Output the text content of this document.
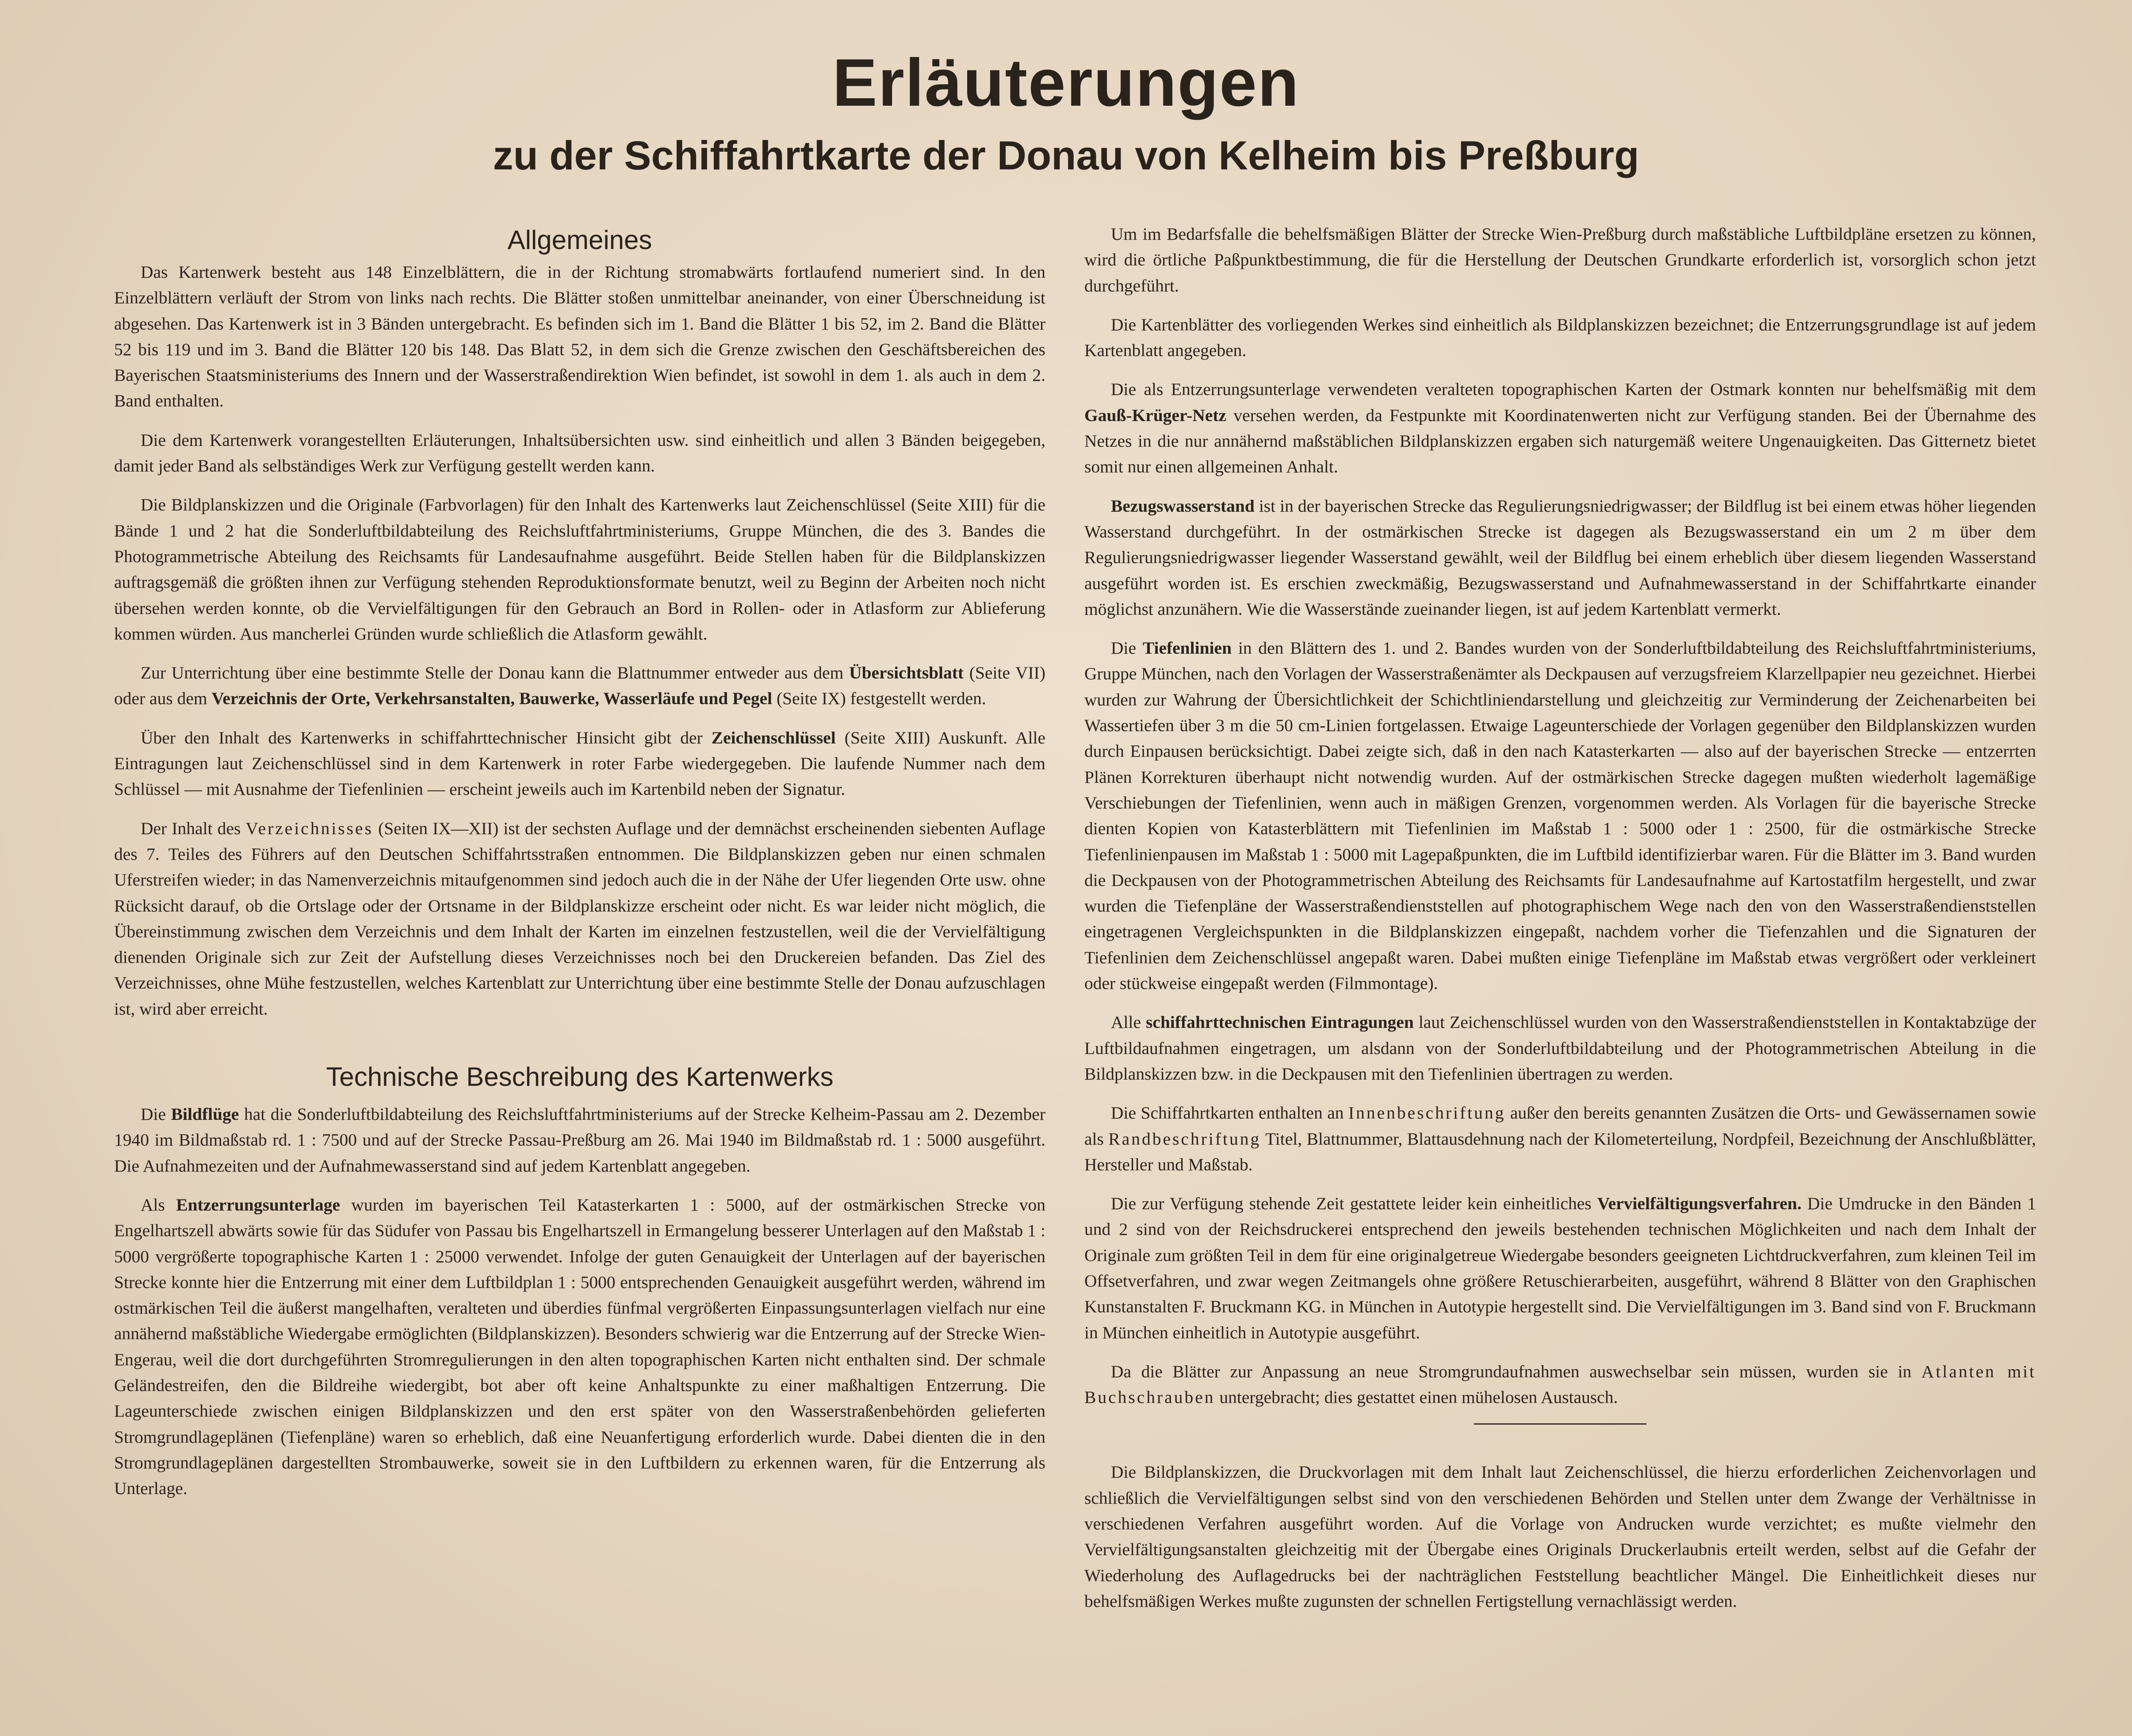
Erläuterungen
zu der Schiffahrtkarte der Donau von Kelheim bis Preßburg
Allgemeines

Das Kartenwerk besteht aus 148 Einzelblättern, die in der Richtung stromabwärts fortlaufend numeriert sind. In den Einzelblättern verläuft der Strom von links nach rechts. Die Blätter stoßen unmittelbar aneinander, von einer Überschneidung ist abgesehen. Das Kartenwerk ist in 3 Bänden untergebracht. Es befinden sich im 1. Band die Blätter 1 bis 52, im 2. Band die Blätter 52 bis 119 und im 3. Band die Blätter 120 bis 148. Das Blatt 52, in dem sich die Grenze zwischen den Geschäftsbereichen des Bayerischen Staatsministeriums des Innern und der Wasserstraßendirektion Wien befindet, ist sowohl in dem 1. als auch in dem 2. Band enthalten.

Die dem Kartenwerk vorangestellten Erläuterungen, Inhaltsübersichten usw. sind einheitlich und allen 3 Bänden beigegeben, damit jeder Band als selbständiges Werk zur Verfügung gestellt werden kann.

Die Bildplanskizzen und die Originale (Farbvorlagen) für den Inhalt des Kartenwerks laut Zeichenschlüssel (Seite XIII) für die Bände 1 und 2 hat die Sonderluftbildabteilung des Reichsluftfahrtministeriums, Gruppe München, die des 3. Bandes die Photogrammetrische Abteilung des Reichsamts für Landesaufnahme ausgeführt. Beide Stellen haben für die Bildplanskizzen auftragsgemäß die größten ihnen zur Verfügung stehenden Reproduktionsformate benutzt, weil zu Beginn der Arbeiten noch nicht übersehen werden konnte, ob die Vervielfältigungen für den Gebrauch an Bord in Rollen- oder in Atlasform zur Ablieferung kommen würden. Aus mancherlei Gründen wurde schließlich die Atlasform gewählt.

Zur Unterrichtung über eine bestimmte Stelle der Donau kann die Blattnummer entweder aus dem Übersichtsblatt (Seite VII) oder aus dem Verzeichnis der Orte, Verkehrsanstalten, Bauwerke, Wasserläufe und Pegel (Seite IX) festgestellt werden.

Über den Inhalt des Kartenwerks in schiffahrttechnischer Hinsicht gibt der Zeichenschlüssel (Seite XIII) Auskunft. Alle Eintragungen laut Zeichenschlüssel sind in dem Kartenwerk in roter Farbe wiedergegeben. Die laufende Nummer nach dem Schlüssel — mit Ausnahme der Tiefenlinien — erscheint jeweils auch im Kartenbild neben der Signatur.

Der Inhalt des Verzeichnisses (Seiten IX—XII) ist der sechsten Auflage und der demnächst erscheinenden siebenten Auflage des 7. Teiles des Führers auf den Deutschen Schiffahrtsstraßen entnommen. Die Bildplanskizzen geben nur einen schmalen Uferstreifen wieder; in das Namenverzeichnis mitaufgenommen sind jedoch auch die in der Nähe der Ufer liegenden Orte usw. ohne Rücksicht darauf, ob die Ortslage oder der Ortsname in der Bildplanskizze erscheint oder nicht. Es war leider nicht möglich, die Übereinstimmung zwischen dem Verzeichnis und dem Inhalt der Karten im einzelnen festzustellen, weil die der Vervielfältigung dienenden Originale sich zur Zeit der Aufstellung dieses Verzeichnisses noch bei den Druckereien befanden. Das Ziel des Verzeichnisses, ohne Mühe festzustellen, welches Kartenblatt zur Unterrichtung über eine bestimmte Stelle der Donau aufzuschlagen ist, wird aber erreicht.

Technische Beschreibung des Kartenwerks

Die Bildflüge hat die Sonderluftbildabteilung des Reichsluftfahrtministeriums auf der Strecke Kelheim-Passau am 2. Dezember 1940 im Bildmaßstab rd. 1 : 7500 und auf der Strecke Passau-Preßburg am 26. Mai 1940 im Bildmaßstab rd. 1 : 5000 ausgeführt. Die Aufnahmezeiten und der Aufnahmewasserstand sind auf jedem Kartenblatt angegeben.

Als Entzerrungsunterlage wurden im bayerischen Teil Katasterkarten 1 : 5000, auf der ostmärkischen Strecke von Engelhartszell abwärts sowie für das Südufer von Passau bis Engelhartszell in Ermangelung besserer Unterlagen auf den Maßstab 1 : 5000 vergrößerte topographische Karten 1 : 25000 verwendet. Infolge der guten Genauigkeit der Unterlagen auf der bayerischen Strecke konnte hier die Entzerrung mit einer dem Luftbildplan 1 : 5000 entsprechenden Genauigkeit ausgeführt werden, während im ostmärkischen Teil die äußerst mangelhaften, veralteten und überdies fünfmal vergrößerten Einpassungsunterlagen vielfach nur eine annähernd maßstäbliche Wiedergabe ermöglichten (Bildplanskizzen). Besonders schwierig war die Entzerrung auf der Strecke Wien-Engerau, weil die dort durchgeführten Stromregulierungen in den alten topographischen Karten nicht enthalten sind. Der schmale Geländestreifen, den die Bildreihe wiedergibt, bot aber oft keine Anhaltspunkte zu einer maßhaltigen Entzerrung. Die Lageunterschiede zwischen einigen Bildplanskizzen und den erst später von den Wasserstraßenbehörden gelieferten Stromgrundlageplänen (Tiefenpläne) waren so erheblich, daß eine Neuanfertigung erforderlich wurde. Dabei dienten die in den Stromgrundlageplänen dargestellten Strombauwerke, soweit sie in den Luftbildern zu erkennen waren, für die Entzerrung als Unterlage.

Um im Bedarfsfalle die behelfsmäßigen Blätter der Strecke Wien-Preßburg durch maßstäbliche Luftbildpläne ersetzen zu können, wird die örtliche Paßpunktbestimmung, die für die Herstellung der Deutschen Grundkarte erforderlich ist, vorsorglich schon jetzt durchgeführt.

Die Kartenblätter des vorliegenden Werkes sind einheitlich als Bildplanskizzen bezeichnet; die Entzerrungsgrundlage ist auf jedem Kartenblatt angegeben.

Die als Entzerrungsunterlage verwendeten veralteten topographischen Karten der Ostmark konnten nur behelfsmäßig mit dem Gauß-Krüger-Netz versehen werden, da Festpunkte mit Koordinatenwerten nicht zur Verfügung standen. Bei der Übernahme des Netzes in die nur annähernd maßstäblichen Bildplanskizzen ergaben sich naturgemäß weitere Ungenauigkeiten. Das Gitternetz bietet somit nur einen allgemeinen Anhalt.

Bezugswasserstand ist in der bayerischen Strecke das Regulierungsniedrigwasser; der Bildflug ist bei einem etwas höher liegenden Wasserstand durchgeführt. In der ostmärkischen Strecke ist dagegen als Bezugswasserstand ein um 2 m über dem Regulierungsniedrigwasser liegender Wasserstand gewählt, weil der Bildflug bei einem erheblich über diesem liegenden Wasserstand ausgeführt worden ist. Es erschien zweckmäßig, Bezugswasserstand und Aufnahmewasserstand in der Schiffahrtkarte einander möglichst anzunähern. Wie die Wasserstände zueinander liegen, ist auf jedem Kartenblatt vermerkt.

Die Tiefenlinien in den Blättern des 1. und 2. Bandes wurden von der Sonderluftbildabteilung des Reichsluftfahrtministeriums, Gruppe München, nach den Vorlagen der Wasserstraßenämter als Deckpausen auf verzugsfreiem Klarzellpapier neu gezeichnet. Hierbei wurden zur Wahrung der Übersichtlichkeit der Schichtliniendarstellung und gleichzeitig zur Verminderung der Zeichenarbeiten bei Wassertiefen über 3 m die 50 cm-Linien fortgelassen. Etwaige Lageunterschiede der Vorlagen gegenüber den Bildplanskizzen wurden durch Einpausen berücksichtigt. Dabei zeigte sich, daß in den nach Katasterkarten — also auf der bayerischen Strecke — entzerrten Plänen Korrekturen überhaupt nicht notwendig wurden. Auf der ostmärkischen Strecke dagegen mußten wiederholt lagemäßige Verschiebungen der Tiefenlinien, wenn auch in mäßigen Grenzen, vorgenommen werden. Als Vorlagen für die bayerische Strecke dienten Kopien von Katasterblättern mit Tiefenlinien im Maßstab 1 : 5000 oder 1 : 2500, für die ostmärkische Strecke Tiefenlinienpausen im Maßstab 1 : 5000 mit Lagepaßpunkten, die im Luftbild identifizierbar waren. Für die Blätter im 3. Band wurden die Deckpausen von der Photogrammetrischen Abteilung des Reichsamts für Landesaufnahme auf Kartostatfilm hergestellt, und zwar wurden die Tiefenpläne der Wasserstraßendienststellen auf photographischem Wege nach den von den Wasserstraßendienststellen eingetragenen Vergleichspunkten in die Bildplanskizzen eingepaßt, nachdem vorher die Tiefenzahlen und die Signaturen der Tiefenlinien dem Zeichenschlüssel angepaßt waren. Dabei mußten einige Tiefenpläne im Maßstab etwas vergrößert oder verkleinert oder stückweise eingepaßt werden (Filmmontage).

Alle schiffahrttechnischen Eintragungen laut Zeichenschlüssel wurden von den Wasserstraßendienststellen in Kontaktabzüge der Luftbildaufnahmen eingetragen, um alsdann von der Sonderluftbildabteilung und der Photogrammetrischen Abteilung in die Bildplanskizzen bzw. in die Deckpausen mit den Tiefenlinien übertragen zu werden.

Die Schiffahrtkarten enthalten an Innenbeschriftung außer den bereits genannten Zusätzen die Orts- und Gewässernamen sowie als Randbeschriftung Titel, Blattnummer, Blattausdehnung nach der Kilometerteilung, Nordpfeil, Bezeichnung der Anschlußblätter, Hersteller und Maßstab.

Die zur Verfügung stehende Zeit gestattete leider kein einheitliches Vervielfältigungsverfahren. Die Umdrucke in den Bänden 1 und 2 sind von der Reichsdruckerei entsprechend den jeweils bestehenden technischen Möglichkeiten und nach dem Inhalt der Originale zum größten Teil in dem für eine originalgetreue Wiedergabe besonders geeigneten Lichtdruckverfahren, zum kleinen Teil im Offsetverfahren, und zwar wegen Zeitmangels ohne größere Retuschierarbeiten, ausgeführt, während 8 Blätter von den Graphischen Kunstanstalten F. Bruckmann KG. in München in Autotypie hergestellt sind. Die Vervielfältigungen im 3. Band sind von F. Bruckmann in München einheitlich in Autotypie ausgeführt.

Da die Blätter zur Anpassung an neue Stromgrundaufnahmen auswechselbar sein müssen, wurden sie in Atlanten mit Buchschrauben untergebracht; dies gestattet einen mühelosen Austausch.

Die Bildplanskizzen, die Druckvorlagen mit dem Inhalt laut Zeichenschlüssel, die hierzu erforderlichen Zeichenvorlagen und schließlich die Vervielfältigungen selbst sind von den verschiedenen Behörden und Stellen unter dem Zwange der Verhältnisse in verschiedenen Verfahren ausgeführt worden. Auf die Vorlage von Andrucken wurde verzichtet; es mußte vielmehr den Vervielfältigungsanstalten gleichzeitig mit der Übergabe eines Originals Druckerlaubnis erteilt werden, selbst auf die Gefahr der Wiederholung des Auflagedrucks bei der nachträglichen Feststellung beachtlicher Mängel. Die Einheitlichkeit dieses nur behelfsmäßigen Werkes mußte zugunsten der schnellen Fertigstellung vernachlässigt werden.
